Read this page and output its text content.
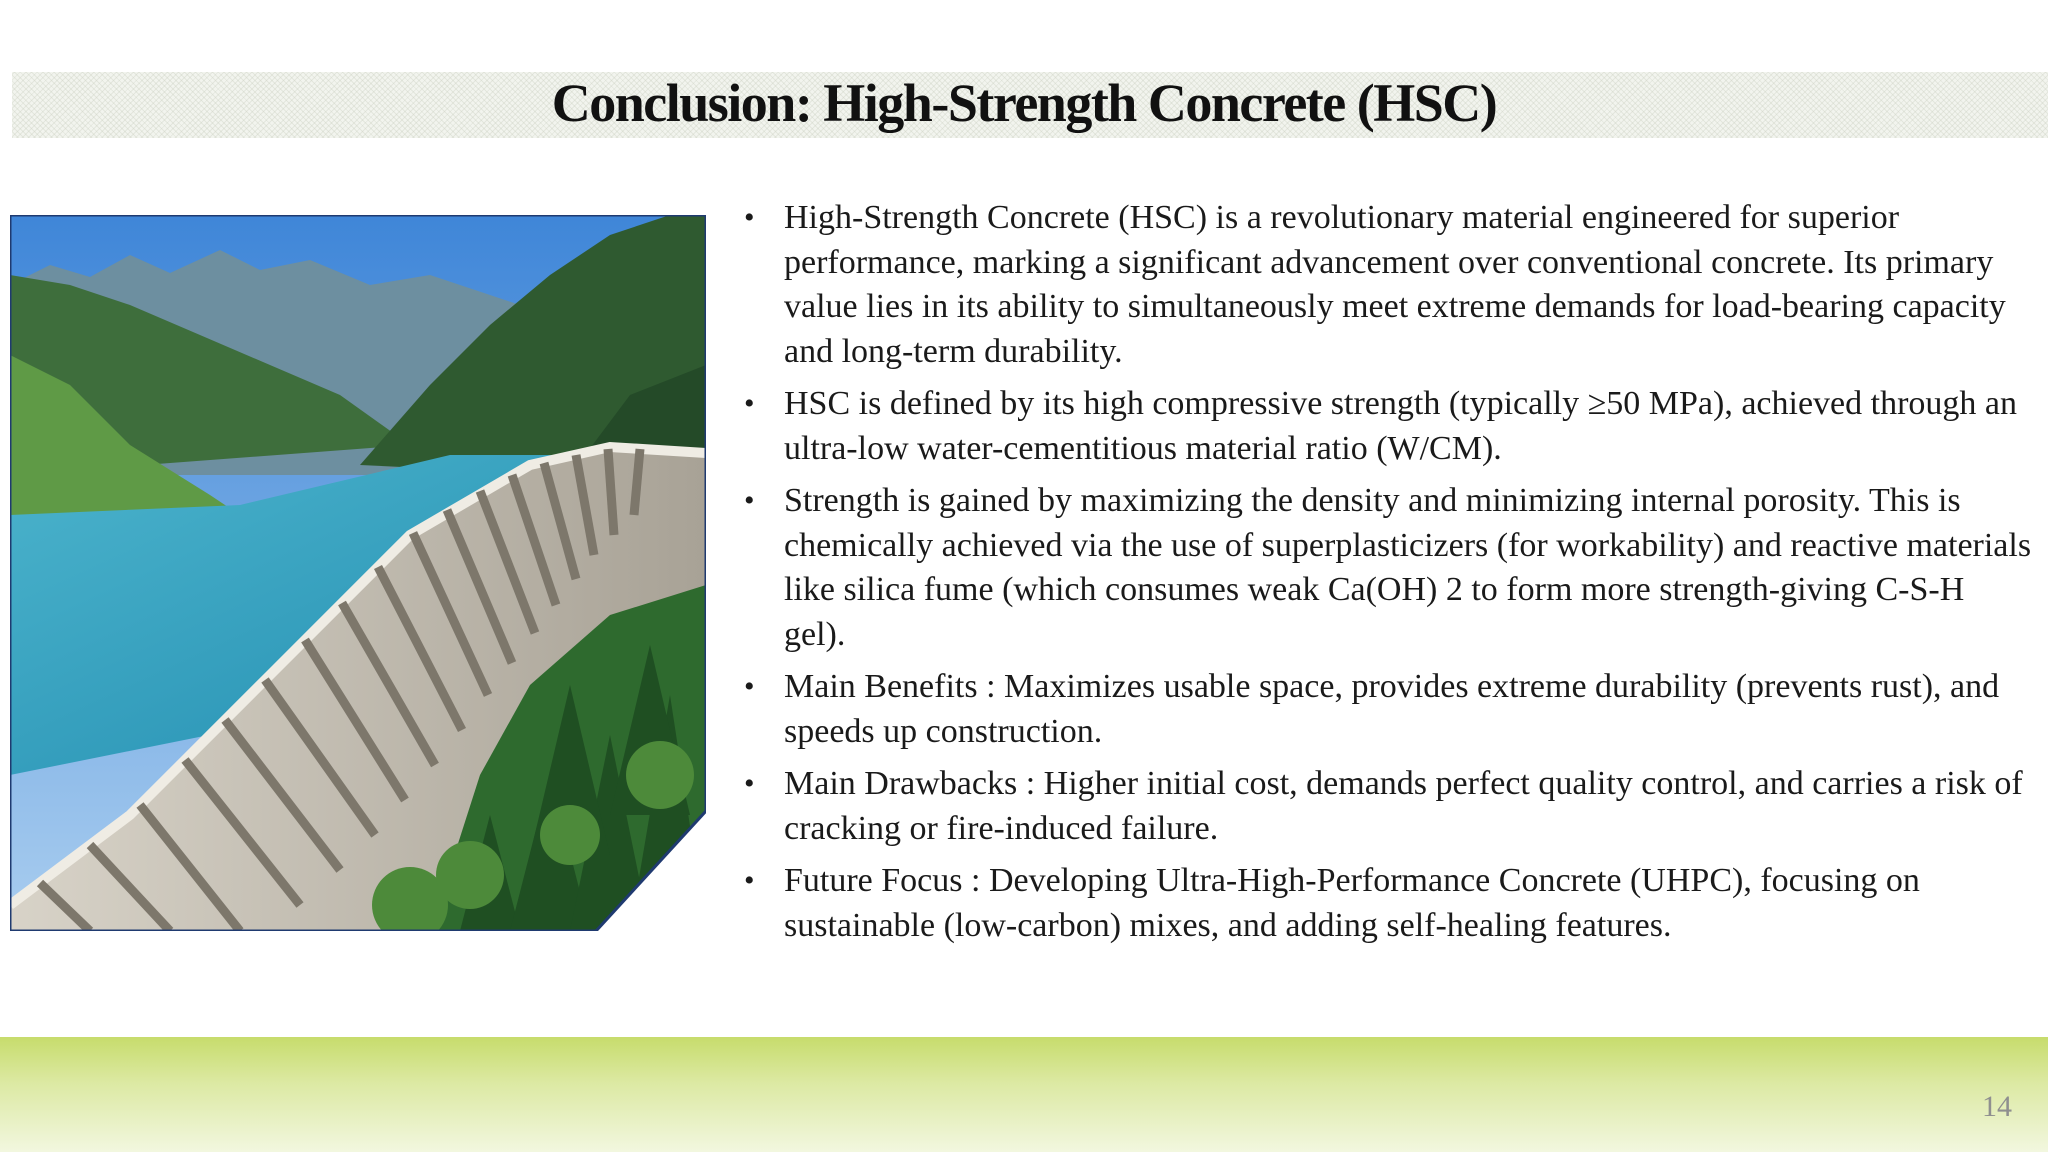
Conclusion: High-Strength Concrete (HSC)
• High-Strength Concrete (HSC) is a revolutionary material engineered for superior performance, marking a significant advancement over conventional concrete. Its primary value lies in its ability to simultaneously meet extreme demands for load-bearing capacity and long-term durability.
• HSC is defined by its high compressive strength (typically ≥50 MPa), achieved through an ultra-low water-cementitious material ratio (W/CM).
• Strength is gained by maximizing the density and minimizing internal porosity. This is chemically achieved via the use of superplasticizers (for workability) and reactive materials like silica fume (which consumes weak Ca(OH) 2 to form more strength-giving C-S-H gel).
• Main Benefits : Maximizes usable space, provides extreme durability (prevents rust), and speeds up construction.
• Main Drawbacks : Higher initial cost, demands perfect quality control, and carries a risk of cracking or fire-induced failure.
• Future Focus : Developing Ultra-High-Performance Concrete (UHPC), focusing on sustainable (low-carbon) mixes, and adding self-healing features.
14
